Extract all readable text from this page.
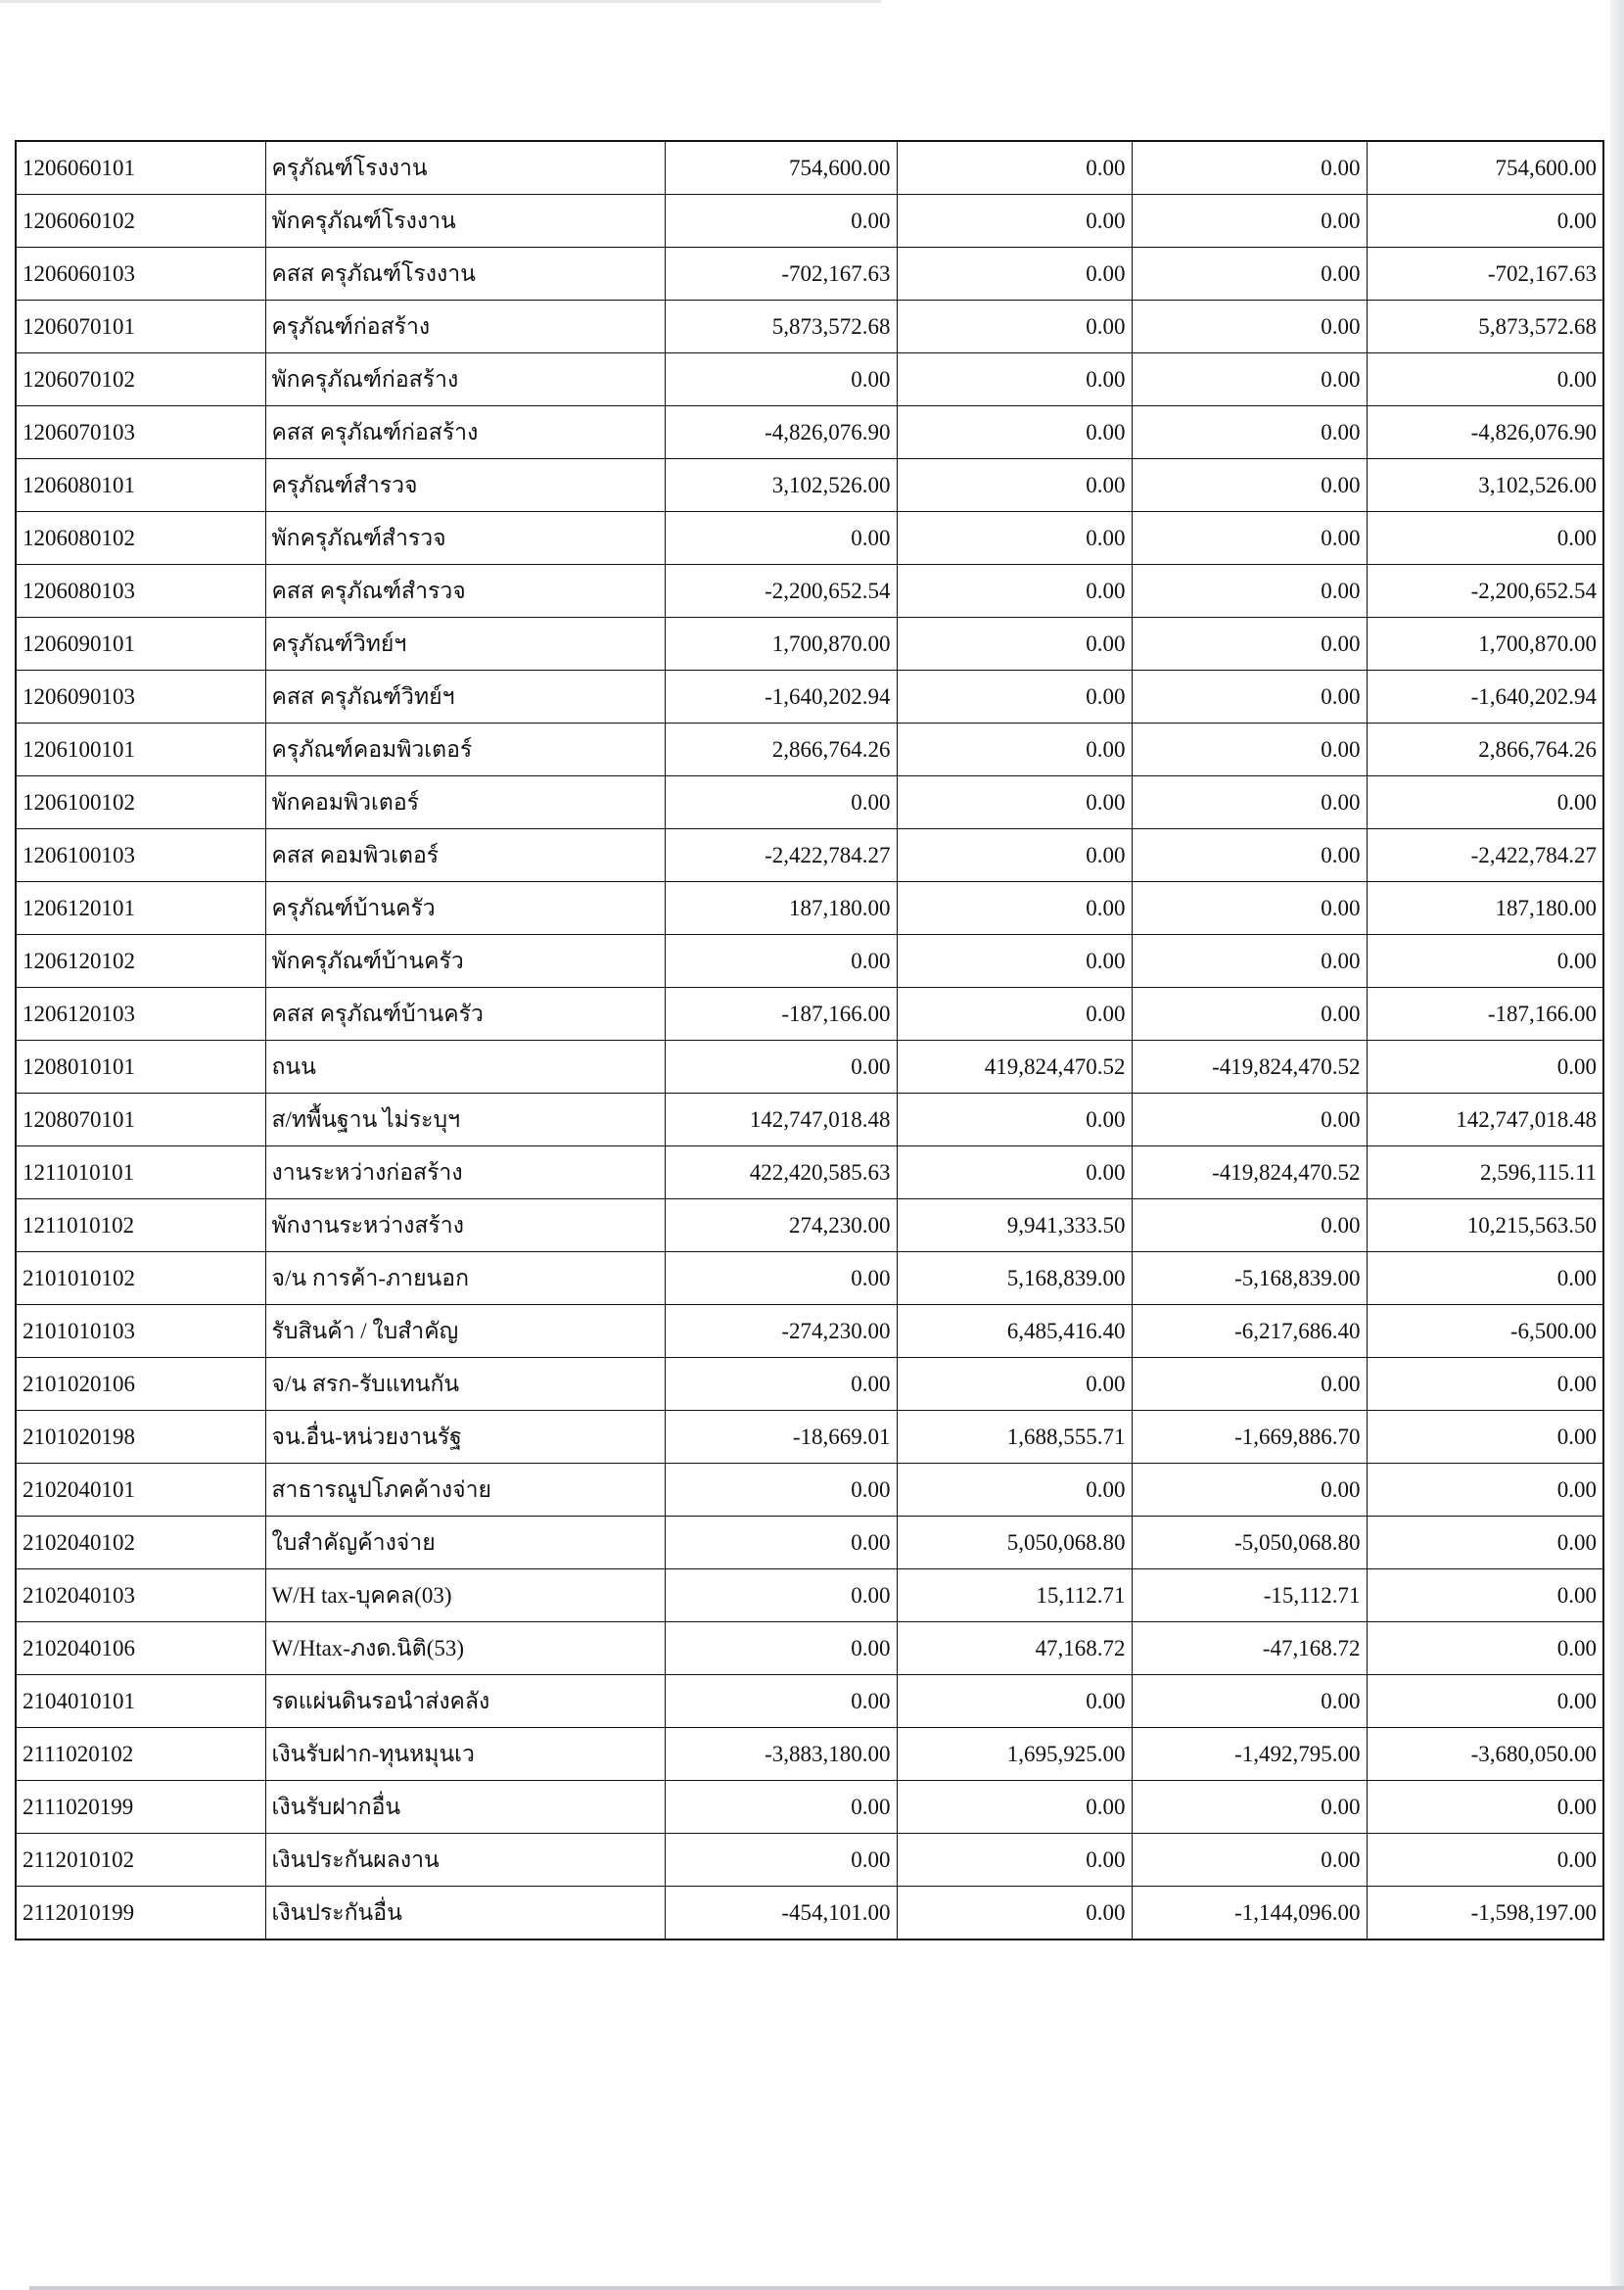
1206060101	ครุภัณฑ์โรงงาน	754,600.00	0.00	0.00	754,600.00
1206060102	พักครุภัณฑ์โรงงาน	0.00	0.00	0.00	0.00
1206060103	คสส ครุภัณฑ์โรงงาน	-702,167.63	0.00	0.00	-702,167.63
1206070101	ครุภัณฑ์ก่อสร้าง	5,873,572.68	0.00	0.00	5,873,572.68
1206070102	พักครุภัณฑ์ก่อสร้าง	0.00	0.00	0.00	0.00
1206070103	คสส ครุภัณฑ์ก่อสร้าง	-4,826,076.90	0.00	0.00	-4,826,076.90
1206080101	ครุภัณฑ์สำรวจ	3,102,526.00	0.00	0.00	3,102,526.00
1206080102	พักครุภัณฑ์สำรวจ	0.00	0.00	0.00	0.00
1206080103	คสส ครุภัณฑ์สำรวจ	-2,200,652.54	0.00	0.00	-2,200,652.54
1206090101	ครุภัณฑ์วิทย์ฯ	1,700,870.00	0.00	0.00	1,700,870.00
1206090103	คสส ครุภัณฑ์วิทย์ฯ	-1,640,202.94	0.00	0.00	-1,640,202.94
1206100101	ครุภัณฑ์คอมพิวเตอร์	2,866,764.26	0.00	0.00	2,866,764.26
1206100102	พักคอมพิวเตอร์	0.00	0.00	0.00	0.00
1206100103	คสส คอมพิวเตอร์	-2,422,784.27	0.00	0.00	-2,422,784.27
1206120101	ครุภัณฑ์บ้านครัว	187,180.00	0.00	0.00	187,180.00
1206120102	พักครุภัณฑ์บ้านครัว	0.00	0.00	0.00	0.00
1206120103	คสส ครุภัณฑ์บ้านครัว	-187,166.00	0.00	0.00	-187,166.00
1208010101	ถนน	0.00	419,824,470.52	-419,824,470.52	0.00
1208070101	ส/ทพื้นฐาน ไม่ระบุฯ	142,747,018.48	0.00	0.00	142,747,018.48
1211010101	งานระหว่างก่อสร้าง	422,420,585.63	0.00	-419,824,470.52	2,596,115.11
1211010102	พักงานระหว่างสร้าง	274,230.00	9,941,333.50	0.00	10,215,563.50
2101010102	จ/น การค้า-ภายนอก	0.00	5,168,839.00	-5,168,839.00	0.00
2101010103	รับสินค้า / ใบสำคัญ	-274,230.00	6,485,416.40	-6,217,686.40	-6,500.00
2101020106	จ/น สรก-รับแทนกัน	0.00	0.00	0.00	0.00
2101020198	จน.อื่น-หน่วยงานรัฐ	-18,669.01	1,688,555.71	-1,669,886.70	0.00
2102040101	สาธารณูปโภคค้างจ่าย	0.00	0.00	0.00	0.00
2102040102	ใบสำคัญค้างจ่าย	0.00	5,050,068.80	-5,050,068.80	0.00
2102040103	W/H tax-บุคคล(03)	0.00	15,112.71	-15,112.71	0.00
2102040106	W/Htax-ภงด.นิติ(53)	0.00	47,168.72	-47,168.72	0.00
2104010101	รดแผ่นดินรอนำส่งคลัง	0.00	0.00	0.00	0.00
2111020102	เงินรับฝาก-ทุนหมุนเว	-3,883,180.00	1,695,925.00	-1,492,795.00	-3,680,050.00
2111020199	เงินรับฝากอื่น	0.00	0.00	0.00	0.00
2112010102	เงินประกันผลงาน	0.00	0.00	0.00	0.00
2112010199	เงินประกันอื่น	-454,101.00	0.00	-1,144,096.00	-1,598,197.00
